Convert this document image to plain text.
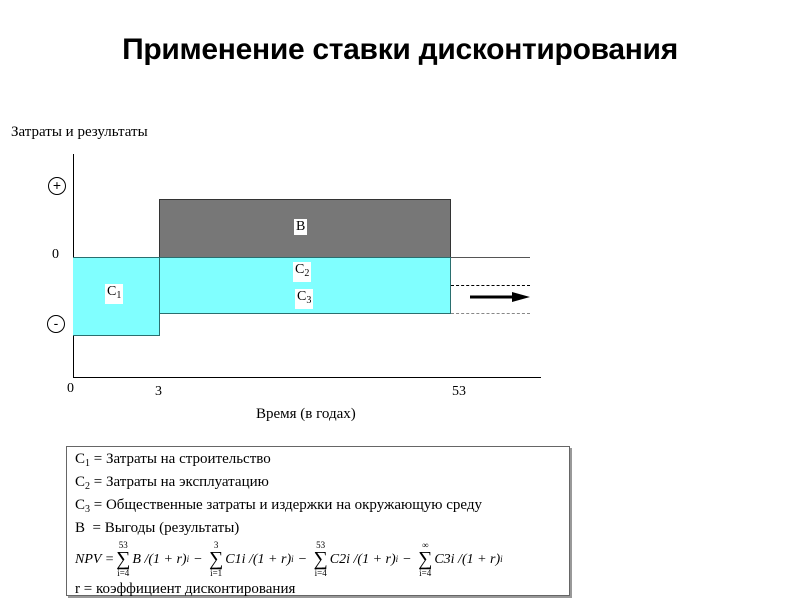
Применение ставки дисконтирования
Затраты и результаты
+
0
-
B
$C_1$
$C_2$
$C_3$
0	3	53
Время (в годах)
$C_1$ = Затраты на строительство
$C_2$ = Затраты на эксплуатацию
$C_3$ = Общественные затраты и издержки на окружающую среду
B  = Выгоды (результаты)
NPV =
53
∑
i=4
B /(1 + r) i −
3
∑
i=1
C1i /(1 + r) i −
53
∑
i=4
C2i /(1 + r) i −
∞
∑
i=4
C3i /(1 + r) i
r = коэффициент дисконтирования
